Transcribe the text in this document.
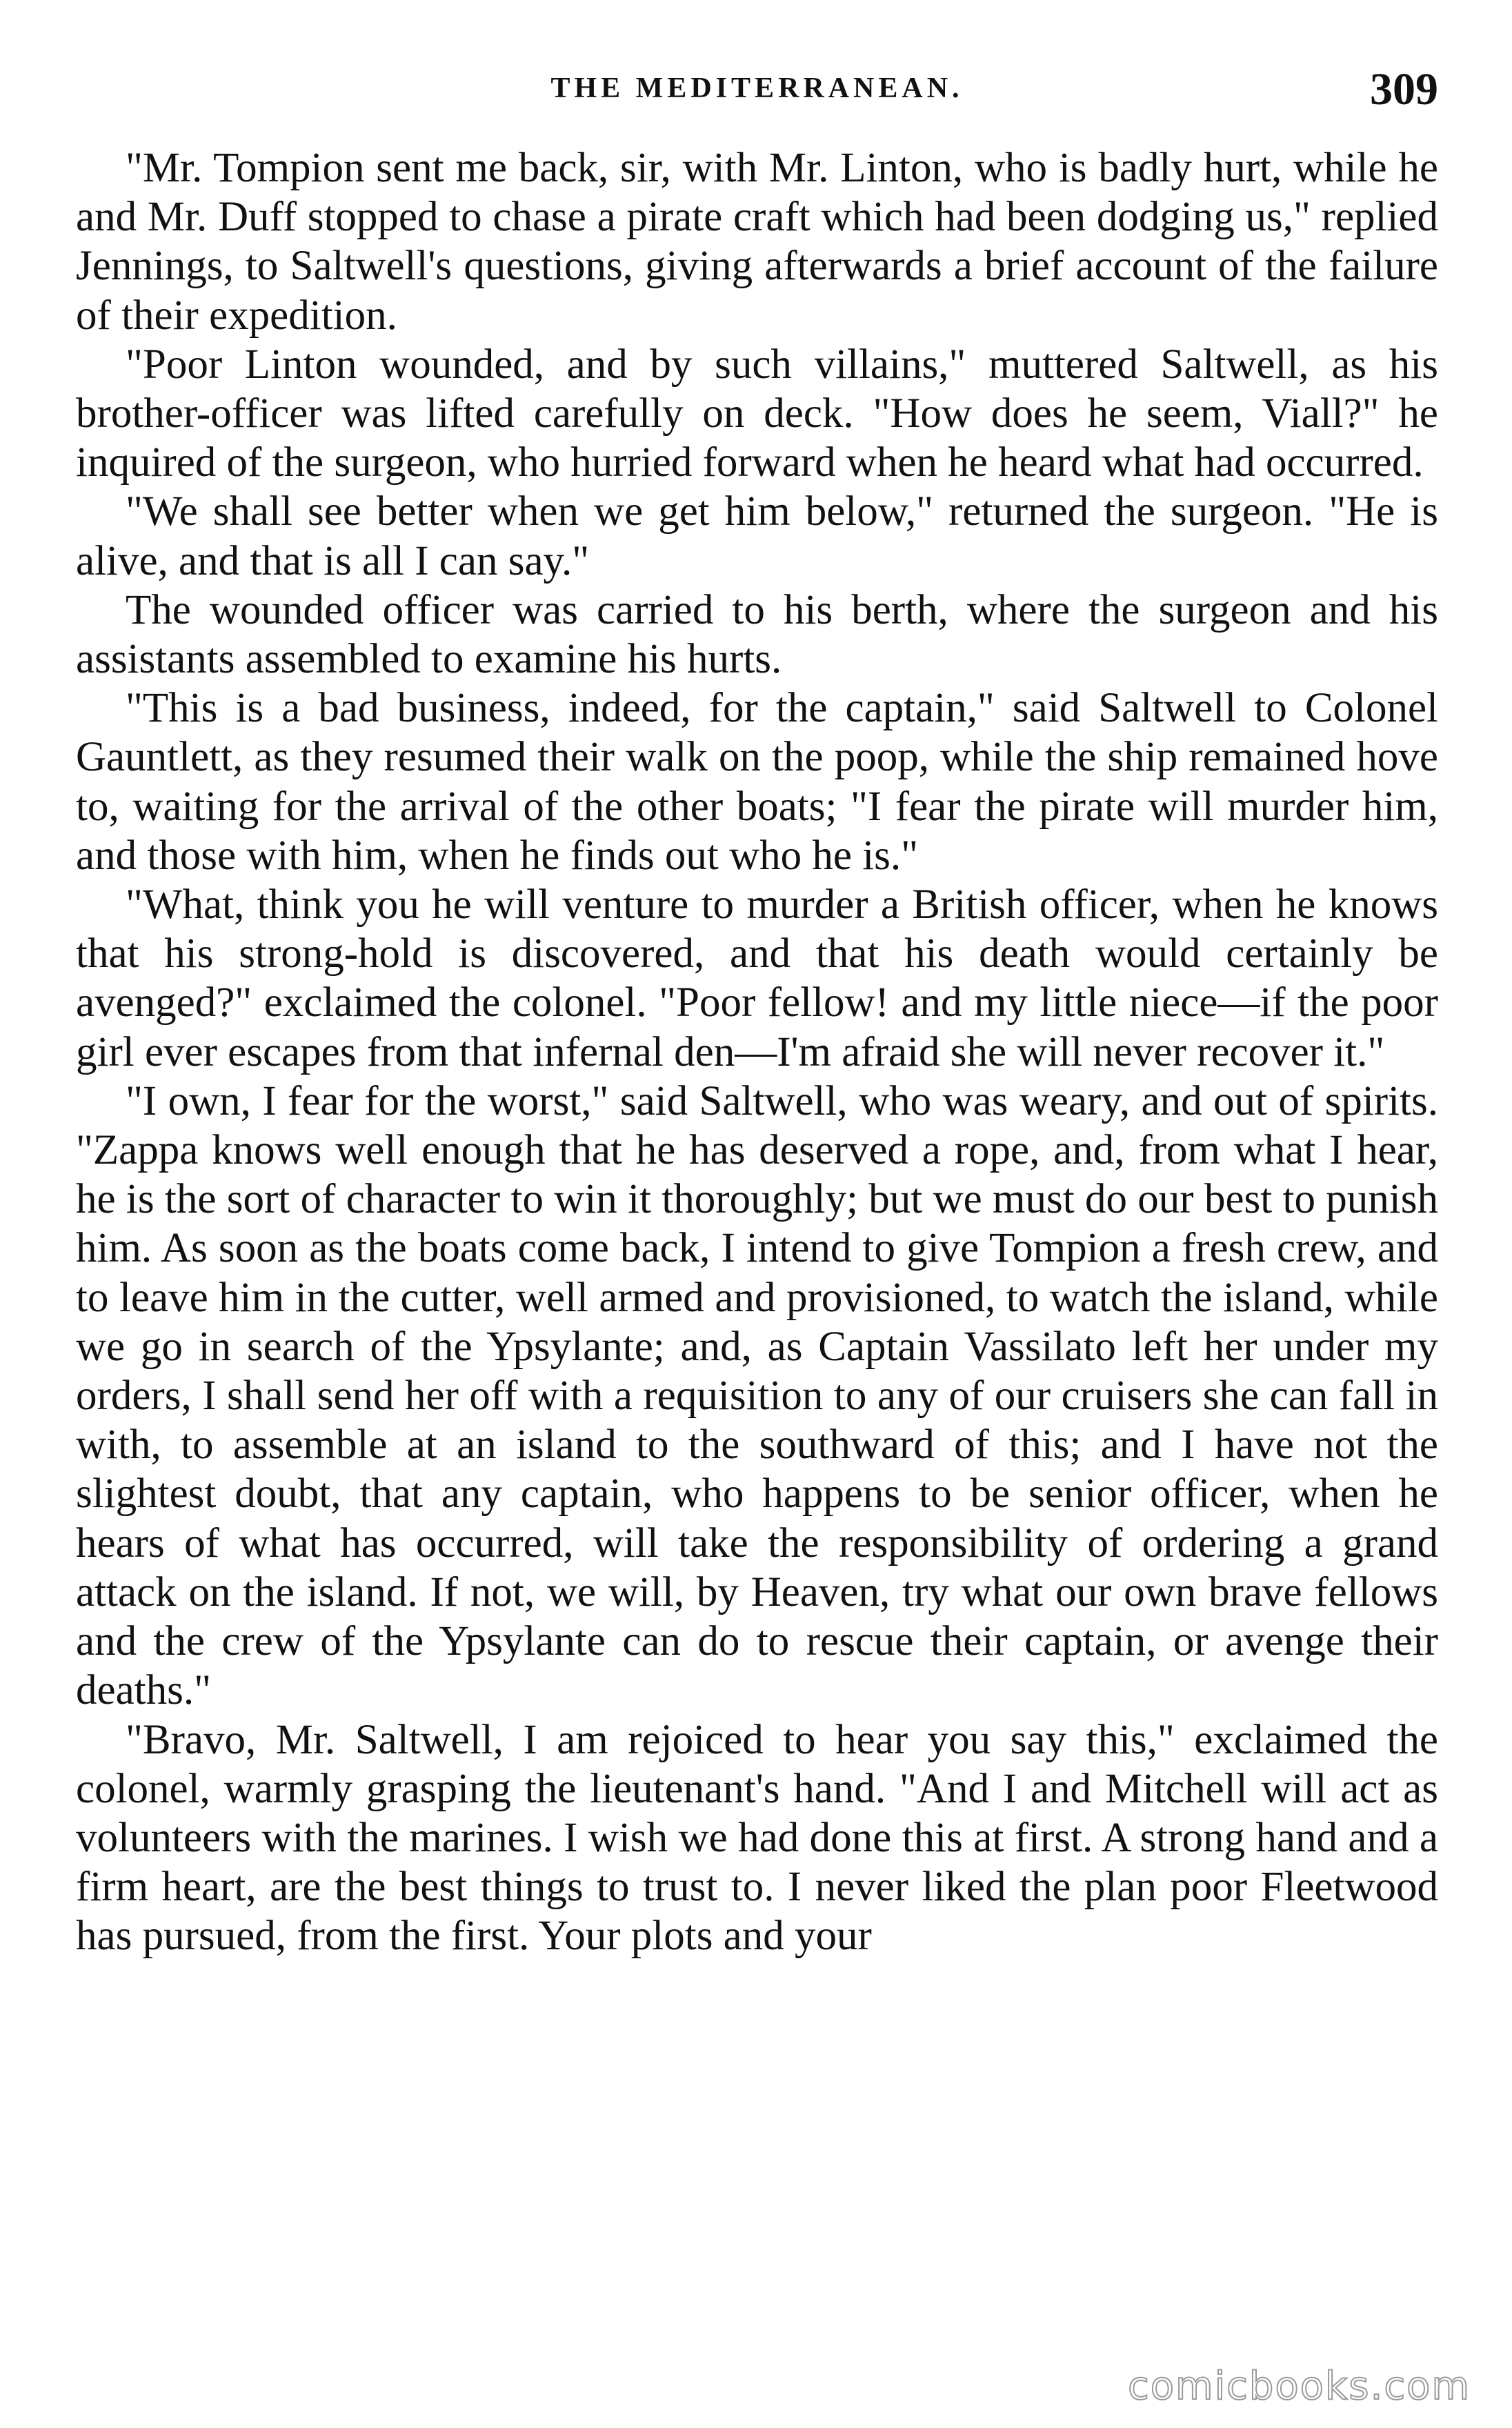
THE MEDITERRANEAN.	309

"Mr. Tompion sent me back, sir, with Mr. Linton, who is badly hurt, while he and Mr. Duff stopped to chase a pirate craft which had been dodging us," replied Jennings, to Saltwell's questions, giving afterwards a brief account of the failure of their expedition.

"Poor Linton wounded, and by such villains," muttered Saltwell, as his brother-officer was lifted carefully on deck. "How does he seem, Viall?" he inquired of the surgeon, who hurried forward when he heard what had occurred.

"We shall see better when we get him below," returned the surgeon. "He is alive, and that is all I can say."

The wounded officer was carried to his berth, where the surgeon and his assistants assembled to examine his hurts.

"This is a bad business, indeed, for the captain," said Saltwell to Colonel Gauntlett, as they resumed their walk on the poop, while the ship remained hove to, waiting for the arrival of the other boats; "I fear the pirate will murder him, and those with him, when he finds out who he is."

"What, think you he will venture to murder a British officer, when he knows that his strong-hold is discovered, and that his death would certainly be avenged?" exclaimed the colonel. "Poor fellow! and my little niece—if the poor girl ever escapes from that infernal den—I'm afraid she will never recover it."

"I own, I fear for the worst," said Saltwell, who was weary, and out of spirits. "Zappa knows well enough that he has deserved a rope, and, from what I hear, he is the sort of character to win it thoroughly; but we must do our best to punish him. As soon as the boats come back, I intend to give Tompion a fresh crew, and to leave him in the cutter, well armed and provisioned, to watch the island, while we go in search of the Ypsylante; and, as Captain Vassilato left her under my orders, I shall send her off with a requisition to any of our cruisers she can fall in with, to assemble at an island to the southward of this; and I have not the slightest doubt, that any captain, who happens to be senior officer, when he hears of what has occurred, will take the responsibility of ordering a grand attack on the island. If not, we will, by Heaven, try what our own brave fellows and the crew of the Ypsylante can do to rescue their captain, or avenge their deaths."

"Bravo, Mr. Saltwell, I am rejoiced to hear you say this," exclaimed the colonel, warmly grasping the lieutenant's hand. "And I and Mitchell will act as volunteers with the marines. I wish we had done this at first. A strong hand and a firm heart, are the best things to trust to. I never liked the plan poor Fleetwood has pursued, from the first. Your plots and your

comicbooks.com
